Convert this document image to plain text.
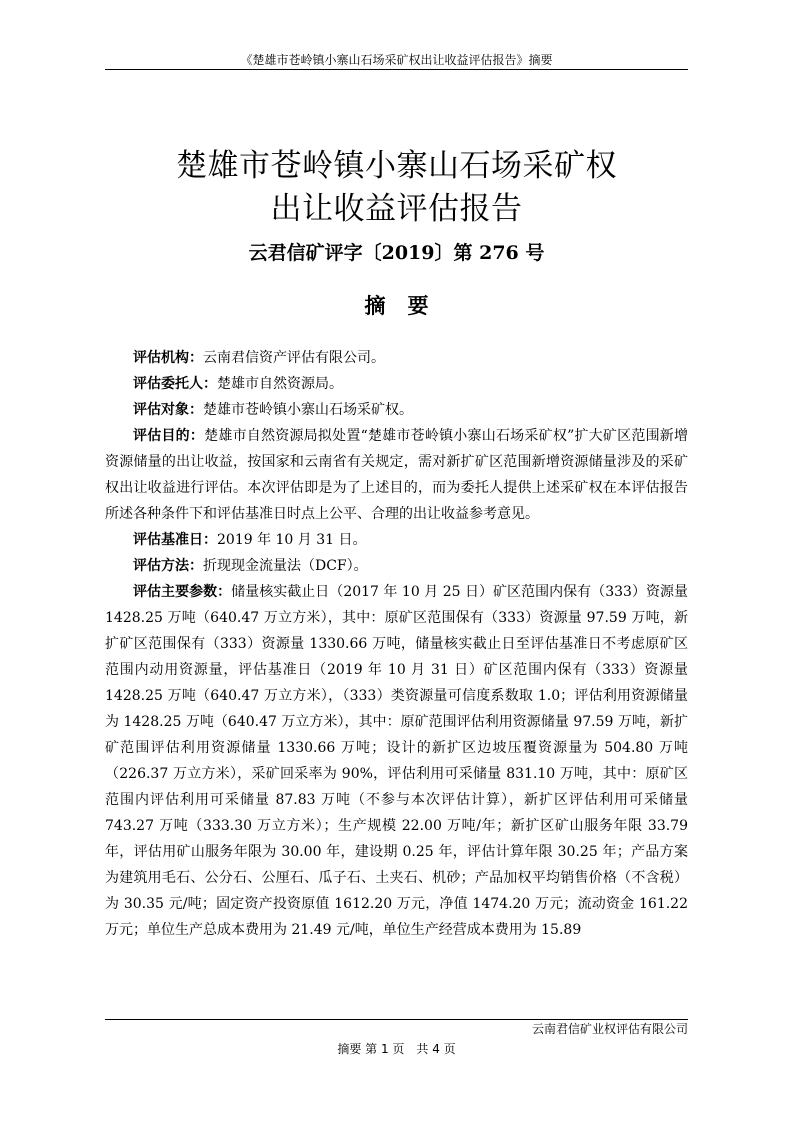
《楚雄市苍岭镇小寨山石场采矿权出让收益评估报告》摘要
楚雄市苍岭镇小寨山石场采矿权
出让收益评估报告
云君信矿评字〔2019〕第 276 号
摘要

评估机构：云南君信资产评估有限公司。

评估委托人：楚雄市自然资源局。

评估对象：楚雄市苍岭镇小寨山石场采矿权。

评估目的：楚雄市自然资源局拟处置“楚雄市苍岭镇小寨山石场采矿权”扩大矿区范围新增资源储量的出让收益，按国家和云南省有关规定，需对新扩矿区范围新增资源储量涉及的采矿权出让收益进行评估。本次评估即是为了上述目的，而为委托人提供上述采矿权在本评估报告所述各种条件下和评估基准日时点上公平、合理的出让收益参考意见。

评估基准日：2019 年 10 月 31 日。

评估方法：折现现金流量法（DCF）。

评估主要参数：储量核实截止日（2017 年 10 月 25 日）矿区范围内保有（333）资源量 1428.25 万吨（640.47 万立方米），其中：原矿区范围保有（333）资源量 97.59 万吨，新扩矿区范围保有（333）资源量 1330.66 万吨，储量核实截止日至评估基准日不考虑原矿区范围内动用资源量，评估基准日（2019 年 10 月 31 日）矿区范围内保有（333）资源量 1428.25 万吨（640.47 万立方米），（333）类资源量可信度系数取 1.0；评估利用资源储量为 1428.25 万吨（640.47 万立方米），其中：原矿范围评估利用资源储量 97.59 万吨，新扩矿范围评估利用资源储量 1330.66 万吨；设计的新扩区边坡压覆资源量为 504.80 万吨（226.37 万立方米），采矿回采率为 90%，评估利用可采储量 831.10 万吨，其中：原矿区范围内评估利用可采储量 87.83 万吨（不参与本次评估计算），新扩区评估利用可采储量 743.27 万吨（333.30 万立方米）；生产规模 22.00 万吨/年；新扩区矿山服务年限 33.79 年，评估用矿山服务年限为 30.00 年，建设期 0.25 年，评估计算年限 30.25 年；产品方案为建筑用毛石、公分石、公厘石、瓜子石、土夹石、机砂；产品加权平均销售价格（不含税）为 30.35 元/吨；固定资产投资原值 1612.20 万元，净值 1474.20 万元；流动资金 161.22 万元；单位生产总成本费用为 21.49 元/吨，单位生产经营成本费用为 15.89

云南君信矿业权评估有限公司
摘要 第 1 页　共 4 页
